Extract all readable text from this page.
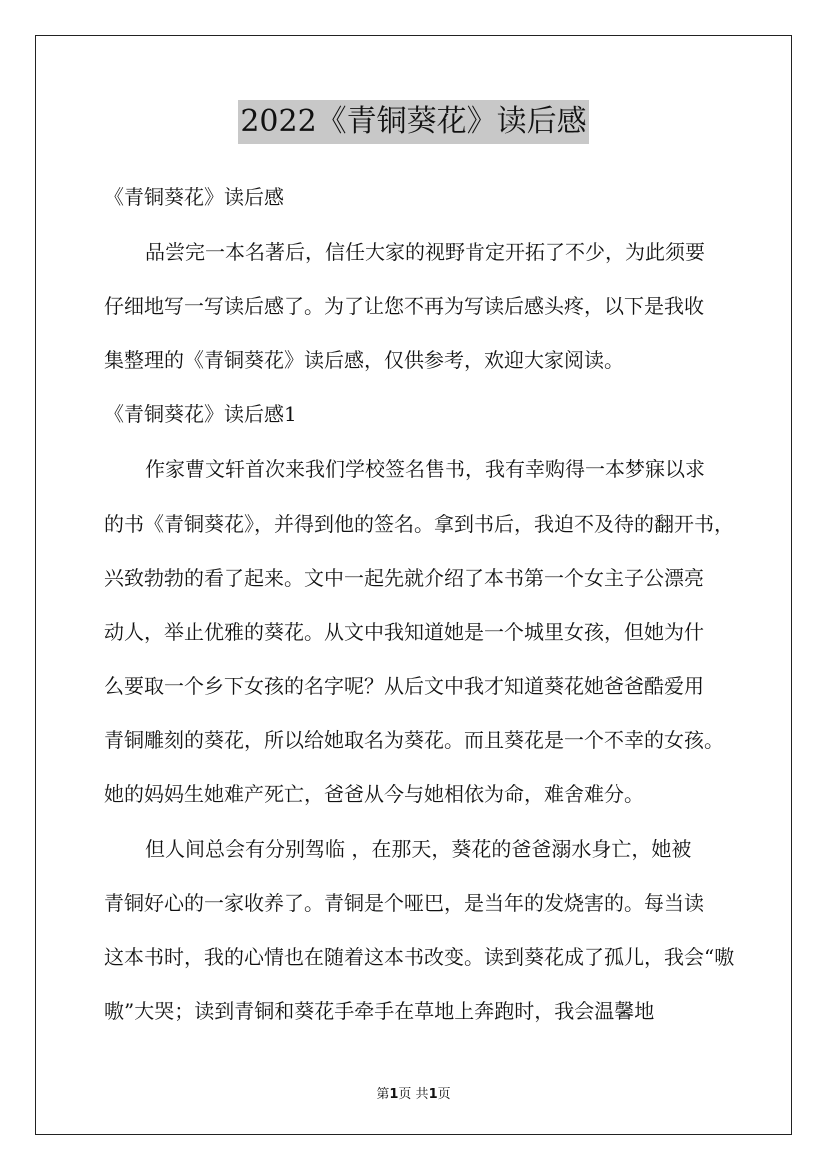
2022《青铜葵花》读后感
《青铜葵花》读后感
品尝完一本名著后，信任大家的视野肯定开拓了不少，为此须要
仔细地写一写读后感了。为了让您不再为写读后感头疼，以下是我收
集整理的《青铜葵花》读后感，仅供参考，欢迎大家阅读。
《青铜葵花》读后感1
作家曹文轩首次来我们学校签名售书，我有幸购得一本梦寐以求
的书《青铜葵花》，并得到他的签名。拿到书后，我迫不及待的翻开书，
兴致勃勃的看了起来。文中一起先就介绍了本书第一个女主子公漂亮
动人，举止优雅的葵花。从文中我知道她是一个城里女孩，但她为什
么要取一个乡下女孩的名字呢？从后文中我才知道葵花她爸爸酷爱用
青铜雕刻的葵花，所以给她取名为葵花。而且葵花是一个不幸的女孩。
她的妈妈生她难产死亡，爸爸从今与她相依为命，难舍难分。
但人间总会有分别驾临 ，在那天，葵花的爸爸溺水身亡，她被
青铜好心的一家收养了。青铜是个哑巴，是当年的发烧害的。每当读
这本书时，我的心情也在随着这本书改变。读到葵花成了孤儿，我会“嗷
嗷”大哭；读到青铜和葵花手牵手在草地上奔跑时，我会温馨地
第1页 共1页
